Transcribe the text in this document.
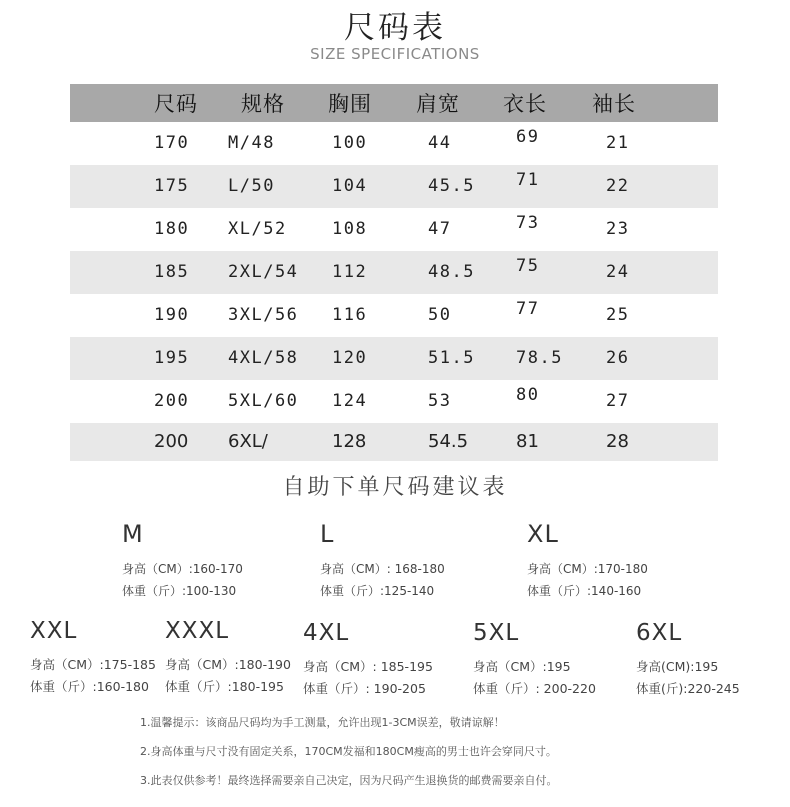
尺码表
SIZE SPECIFICATIONS
尺码 规格 胸围 肩宽 衣长 袖长
170 M/48	100	44	69	21
175 L/50	104	45.5 71	22
180 XL/52	108	47	73	23
185 2XL/54 112	48.5 75	24
190 3XL/56 116	50	77	25
195 4XL/58 120	51.5 78.5	26
200 5XL/60 124	53	80	27
200 6XL/	128	54.5	81	28
自助下单尺码建议表
M
身高（CM）:160-170
体重（斤）:100-130
L
身高（CM）: 168-180
体重（斤）:125-140
XL
身高（CM）:170-180
体重（斤）:140-160
XXL
身高（CM）:175-185
体重（斤）:160-180
XXXL
身高（CM）:180-190
体重（斤）:180-195
4XL
身高（CM）: 185-195
体重（斤）: 190-205
5XL
身高（CM）:195
体重（斤）: 200-220
6XL
身高(CM):195
体重(斤):220-245

1.温馨提示：该商品尺码均为手工测量，允许出现1-3CM误差，敬请谅解！

2.身高体重与尺寸没有固定关系，170CM发福和180CM瘦高的男士也许会穿同尺寸。

3.此表仅供参考！最终选择需要亲自己决定，因为尺码产生退换货的邮费需要亲自付。
